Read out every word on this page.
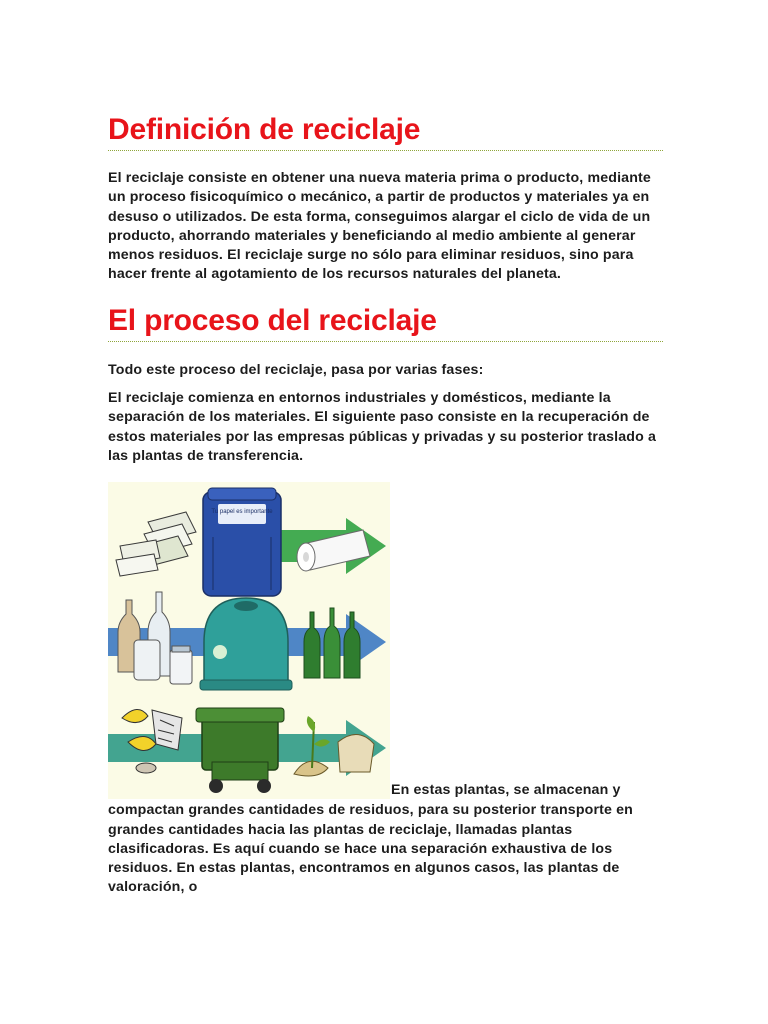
Definición de reciclaje

El reciclaje consiste en obtener una nueva materia prima o producto, mediante un proceso fisicoquímico o mecánico, a partir de productos y materiales ya en desuso o utilizados. De esta forma, conseguimos alargar el ciclo de vida de un producto, ahorrando materiales y beneficiando al medio ambiente al generar menos residuos. El reciclaje surge no sólo para eliminar residuos, sino para hacer frente al agotamiento de los recursos naturales del planeta.

El proceso del reciclaje

Todo este proceso del reciclaje, pasa por varias fases:

El reciclaje comienza en entornos industriales y domésticos, mediante la separación de los materiales. El siguiente paso consiste en la recuperación de estos materiales por las empresas públicas y privadas y su posterior traslado a las plantas de transferencia.

Tu papel es importante

En estas plantas, se almacenan y

compactan grandes cantidades de residuos, para su posterior transporte en grandes cantidades hacia las plantas de reciclaje, llamadas plantas clasificadoras. Es aquí cuando se hace una separación exhaustiva de los residuos. En estas plantas, encontramos en algunos casos, las plantas de valoración, o
